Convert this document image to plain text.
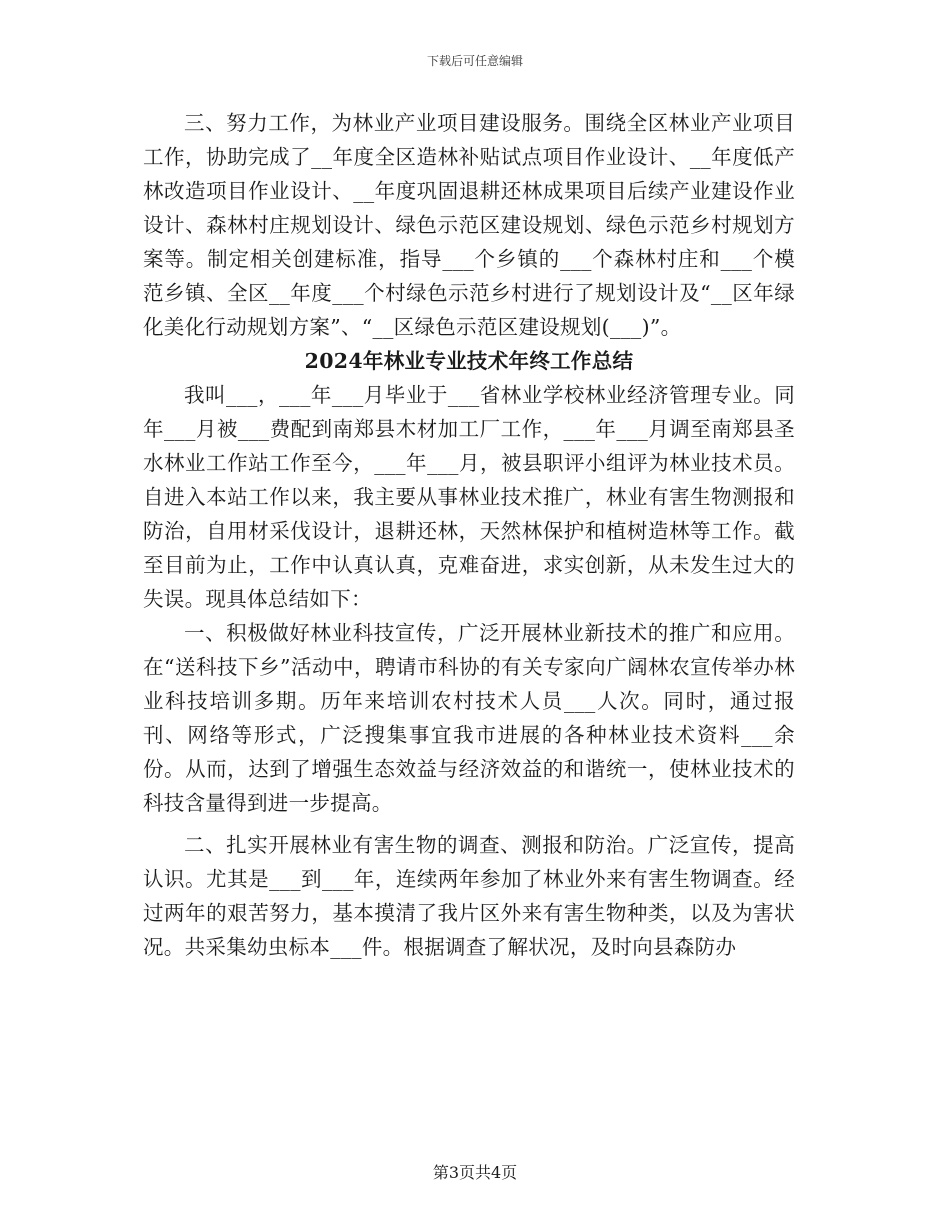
下载后可任意编辑

三、努力工作，为林业产业项目建设服务。围绕全区林业产业项目工作，协助完成了__年度全区造林补贴试点项目作业设计、__年度低产林改造项目作业设计、__年度巩固退耕还林成果项目后续产业建设作业设计、森林村庄规划设计、绿色示范区建设规划、绿色示范乡村规划方案等。制定相关创建标准，指导___个乡镇的___个森林村庄和___个模范乡镇、全区__年度___个村绿色示范乡村进行了规划设计及“__区年绿化美化行动规划方案”、“__区绿色示范区建设规划(___)”。

2024年林业专业技术年终工作总结

我叫___，___年___月毕业于___省林业学校林业经济管理专业。同年___月被___费配到南郑县木材加工厂工作，___年___月调至南郑县圣水林业工作站工作至今，___年___月，被县职评小组评为林业技术员。自进入本站工作以来，我主要从事林业技术推广，林业有害生物测报和防治，自用材采伐设计，退耕还林，天然林保护和植树造林等工作。截至目前为止，工作中认真认真，克难奋进，求实创新，从未发生过大的失误。现具体总结如下：

一、积极做好林业科技宣传，广泛开展林业新技术的推广和应用。在“送科技下乡”活动中，聘请市科协的有关专家向广阔林农宣传举办林业科技培训多期。历年来培训农村技术人员___人次。同时，通过报刊、网络等形式，广泛搜集事宜我市进展的各种林业技术资料___余份。从而，达到了增强生态效益与经济效益的和谐统一，使林业技术的科技含量得到进一步提高。

二、扎实开展林业有害生物的调查、测报和防治。广泛宣传，提高认识。尤其是___到___年，连续两年参加了林业外来有害生物调查。经过两年的艰苦努力，基本摸清了我片区外来有害生物种类，以及为害状况。共采集幼虫标本___件。根据调查了解状况，及时向县森防办

第3页共4页
